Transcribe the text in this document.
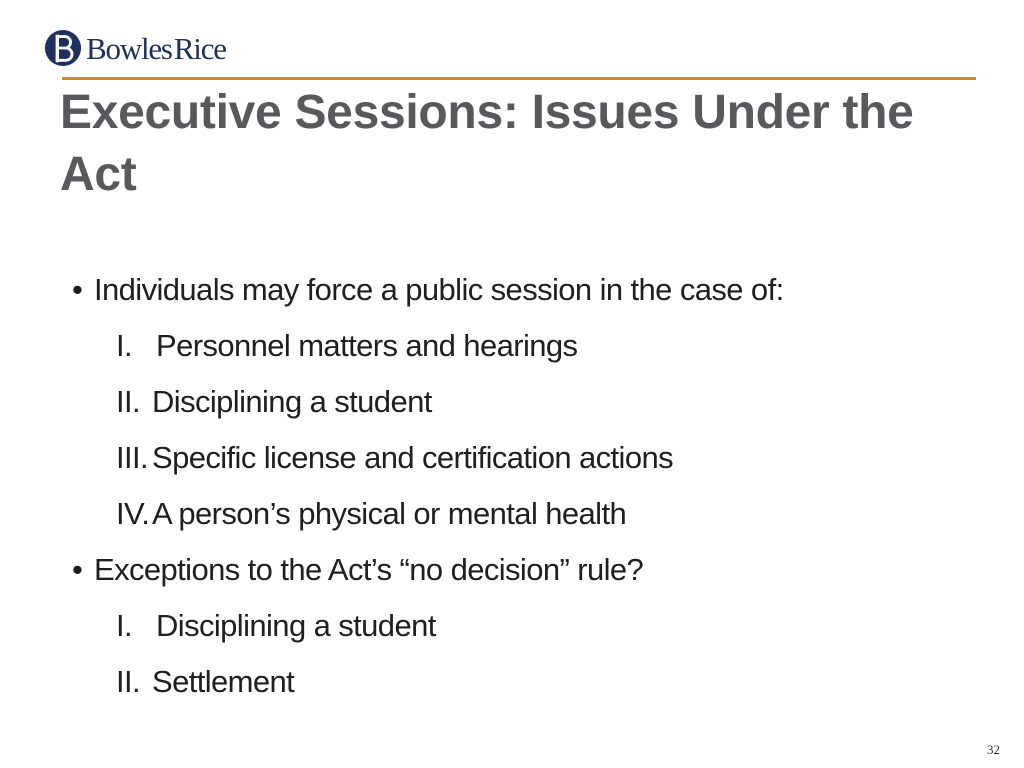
Bowles Rice
Executive Sessions: Issues Under the Act
• Individuals may force a public session in the case of:
I. Personnel matters and hearings
II. Disciplining a student
III. Specific license and certification actions
IV. A person’s physical or mental health
• Exceptions to the Act’s “no decision” rule?
I. Disciplining a student
II. Settlement
32
